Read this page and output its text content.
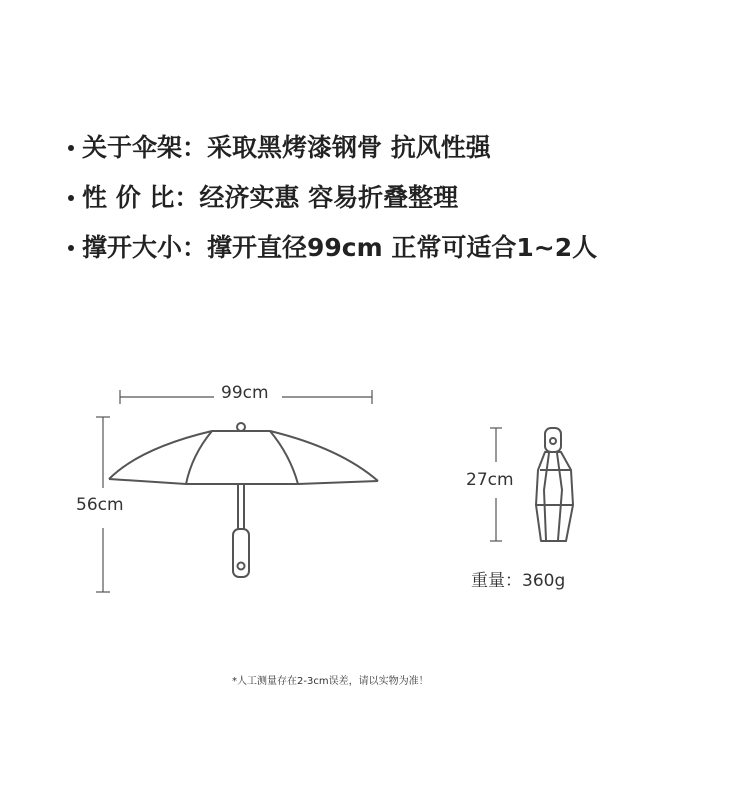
关于伞架：采取黑烤漆钢骨 抗风性强
性 价 比：经济实惠 容易折叠整理
撑开大小：撑开直径99cm 正常可适合1~2人
99cm
56cm
27cm
重量：360g
*人工测量存在2-3cm误差，请以实物为准！
